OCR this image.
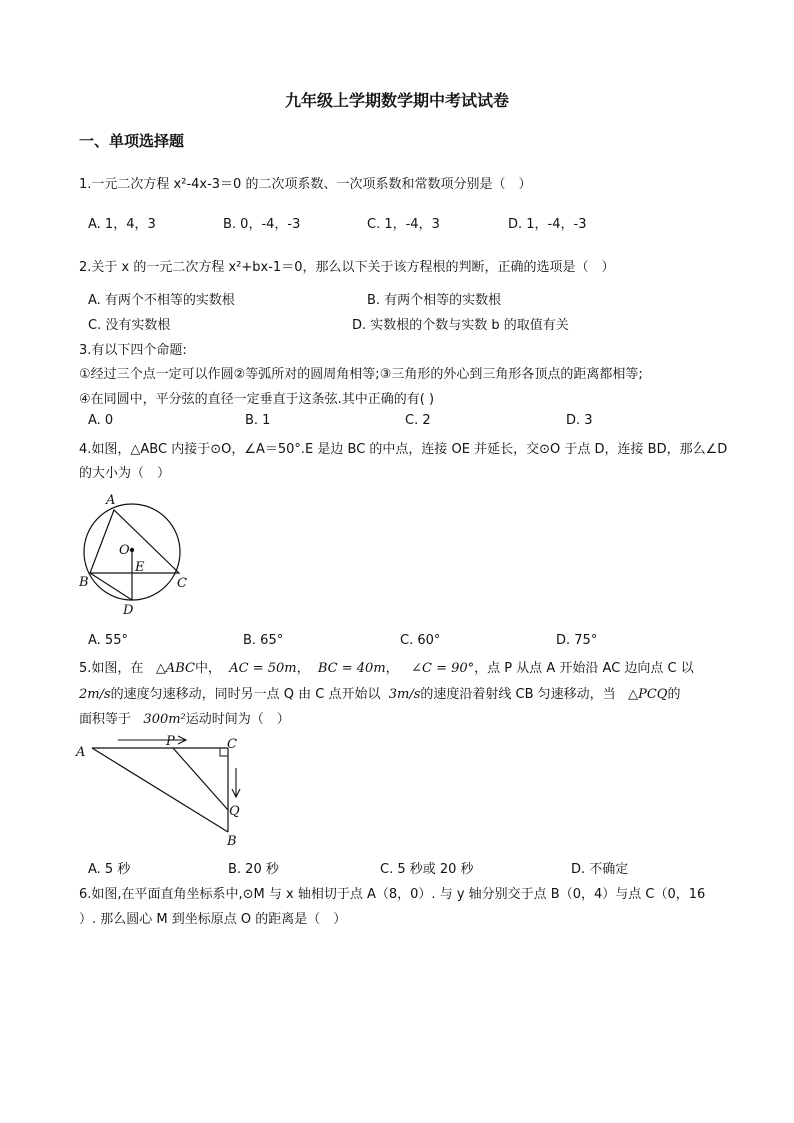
九年级上学期数学期中考试试卷
一、单项选择题
1.一元二次方程 x²-4x-3＝0 的二次项系数、一次项系数和常数项分别是（　）
A. 1，4，3	B. 0，-4，-3	C. 1，-4，3	D. 1，-4，-3
2.关于 x 的一元二次方程 x²+bx-1＝0，那么以下关于该方程根的判断，正确的选项是（　）
A. 有两个不相等的实数根	B. 有两个相等的实数根
C. 没有实数根	D. 实数根的个数与实数 b 的取值有关
3.有以下四个命题:
①经过三个点一定可以作圆②等弧所对的圆周角相等;③三角形的外心到三角形各顶点的距离都相等;
④在同圆中，平分弦的直径一定垂直于这条弦.其中正确的有( )
A. 0	B. 1	C. 2	D. 3
4.如图，△ABC 内接于⊙O，∠A＝50°.E 是边 BC 的中点，连接 OE 并延长，交⊙O 于点 D，连接 BD，那么∠D
的大小为（　）
A
O
E
B	C
D
A. 55°	B. 65°	C. 60°	D. 75°
5.如图，在 △ABC中， AC = 50m， BC = 40m， ∠C = 90°，点 P 从点 A 开始沿 AC 边向点 C 以
2m/s的速度匀速移动，同时另一点 Q 由 C 点开始以 3m/s的速度沿着射线 CB 匀速移动，当 △PCQ的
面积等于 300m²运动时间为（　）
A
P	C
Q
B
A. 5 秒	B. 20 秒	C. 5 秒或 20 秒	D. 不确定
6.如图,在平面直角坐标系中,⊙M 与 x 轴相切于点 A（8，0）. 与 y 轴分别交于点 B（0，4）与点 C（0，16
）. 那么圆心 M 到坐标原点 O 的距离是（　）
